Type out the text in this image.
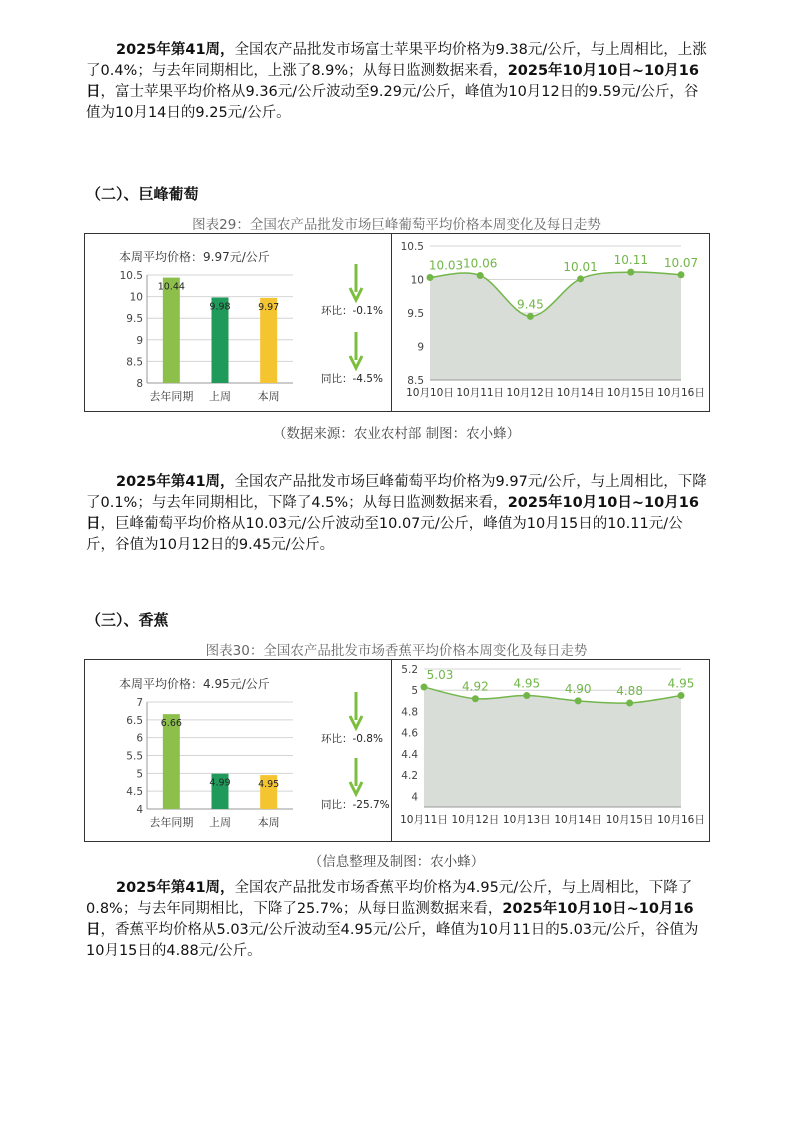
2025年第41周，全国农产品批发市场富士苹果平均价格为9.38元/公斤，与上周相比，上涨了0.4%；与去年同期相比，上涨了8.9%；从每日监测数据来看，2025年10月10日~10月16日，富士苹果平均价格从9.36元/公斤波动至9.29元/公斤，峰值为10月12日的9.59元/公斤，谷值为10月14日的9.25元/公斤。
（二）、巨峰葡萄
图表29：全国农产品批发市场巨峰葡萄平均价格本周变化及每日走势
本周平均价格：9.97元/公斤
8
8.5
9
9.5
10
10.5
10.44
去年同期
9.98
上周
9.97
本周
环比：-0.1%
同比：-4.5% 8.5
9
9.5
10
10.5
10.03
10月10日
10.06
10月11日
9.45
10月12日
10.01
10月14日
10.11
10月15日
10.07
10月16日
（数据来源：农业农村部 制图：农小蜂）
2025年第41周，全国农产品批发市场巨峰葡萄平均价格为9.97元/公斤，与上周相比，下降了0.1%；与去年同期相比，下降了4.5%；从每日监测数据来看，2025年10月10日~10月16日，巨峰葡萄平均价格从10.03元/公斤波动至10.07元/公斤，峰值为10月15日的10.11元/公斤，谷值为10月12日的9.45元/公斤。
（三）、香蕉
图表30：全国农产品批发市场香蕉平均价格本周变化及每日走势
本周平均价格：4.95元/公斤
4
4.5
5
5.5
6
6.5
7
6.66
去年同期
4.99
上周
4.95
本周
环比：-0.8%
同比：-25.7%
4
4.2
4.4
4.6
4.8
5
5.2 5.03
10月11日
4.92
10月12日
4.95
10月13日
4.90
10月14日
4.88
10月15日
4.95
10月16日
（信息整理及制图：农小蜂）
2025年第41周，全国农产品批发市场香蕉平均价格为4.95元/公斤，与上周相比，下降了0.8%；与去年同期相比，下降了25.7%；从每日监测数据来看，2025年10月10日~10月16日，香蕉平均价格从5.03元/公斤波动至4.95元/公斤，峰值为10月11日的5.03元/公斤，谷值为10月15日的4.88元/公斤。
